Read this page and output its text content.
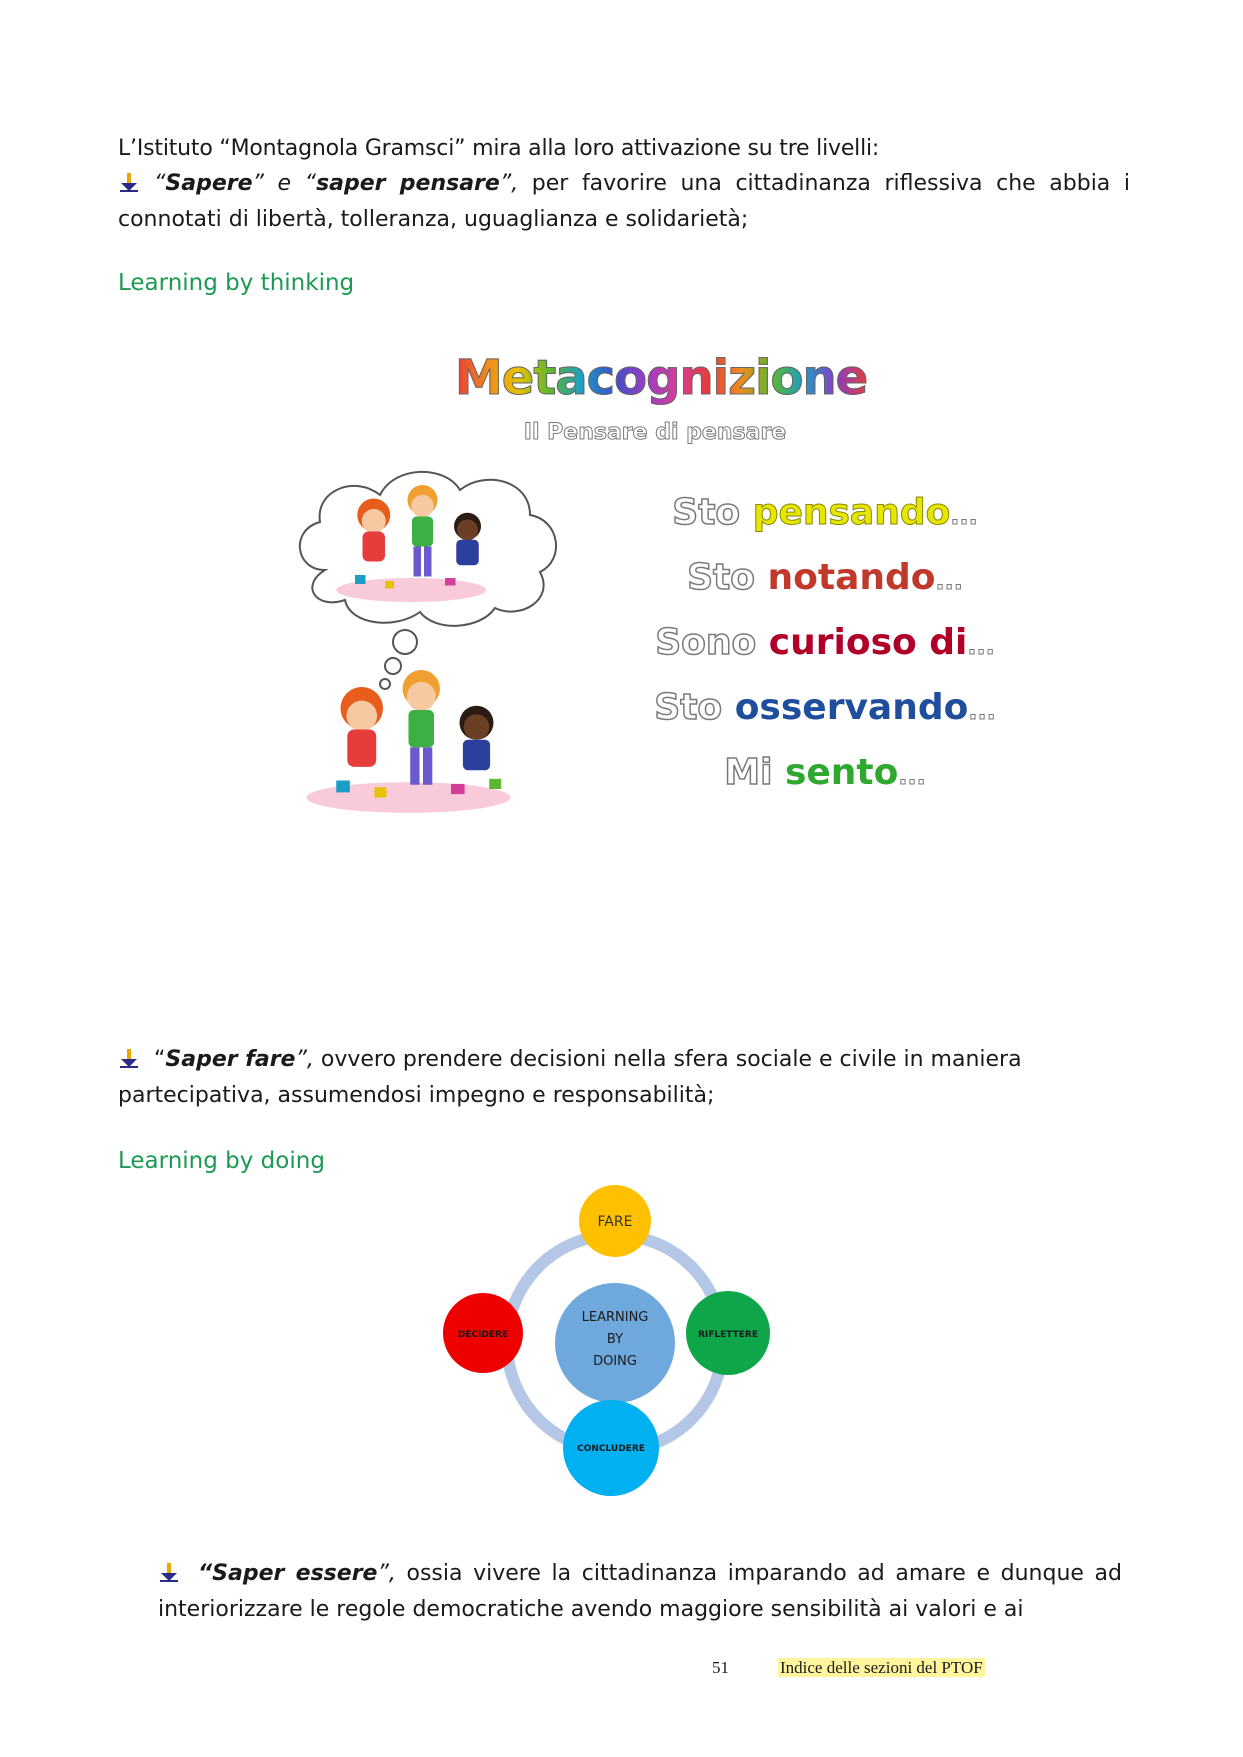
L’Istituto “Montagnola Gramsci” mira alla loro attivazione su tre livelli:
“Sapere” e “saper pensare”, per favorire una cittadinanza riflessiva che abbia i connotati di libertà, tolleranza, uguaglianza e solidarietà;
Learning by thinking
Metacognizione
Il Pensare di pensare
Sto pensando...
Sto notando...
Sono curioso di...
Sto osservando...
Mi sento...
“Saper fare”, ovvero prendere decisioni nella sfera sociale e civile in maniera partecipativa, assumendosi impegno e responsabilità;
Learning by doing
LEARNING
BY
DOING
FARE
RIFLETTERE
CONCLUDERE
DECIDERE
“Saper essere”, ossia vivere la cittadinanza imparando ad amare e dunque ad interiorizzare le regole democratiche avendo maggiore sensibilità ai valori e ai
51	Indice delle sezioni del PTOF
